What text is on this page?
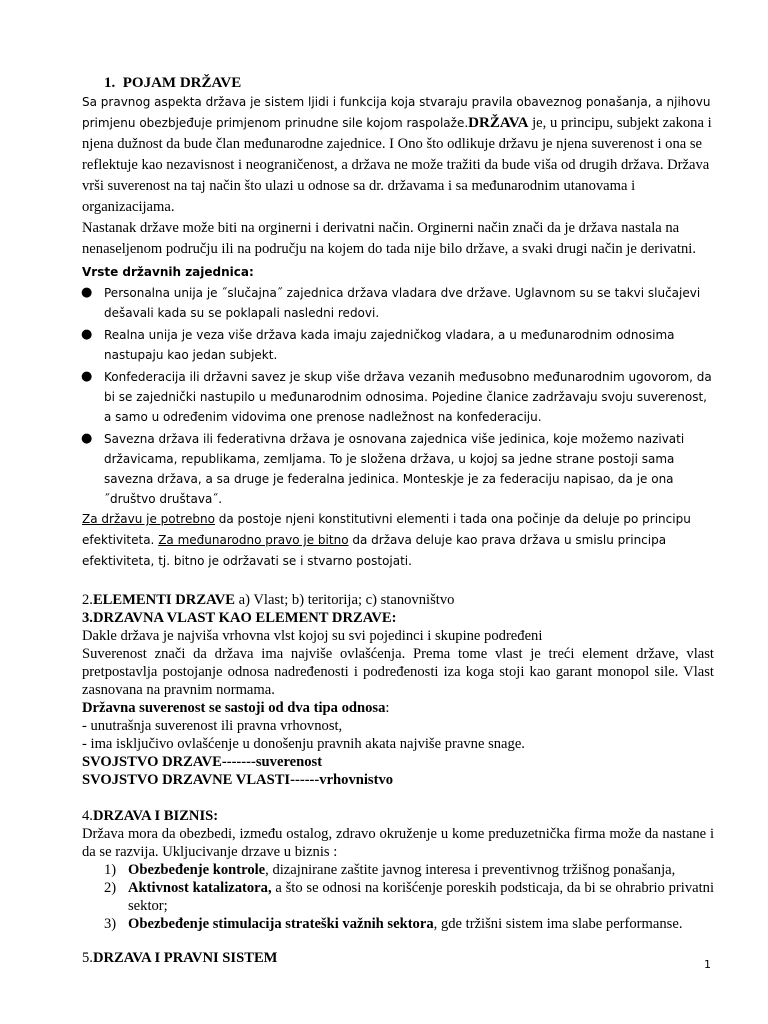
1. POJAM DRŽAVE

Sa pravnog aspekta država je sistem ljidi i funkcija koja stvaraju pravila obaveznog ponašanja, a njihovu primjenu obezbjeđuje primjenom prinudne sile kojom raspolaže.DRŽAVA je, u principu, subjekt zakona i njena dužnost da bude član međunarodne zajednice. I Ono što odlikuje državu je njena suverenost i ona se reflektuje kao nezavisnost i neograničenost, a država ne može tražiti da bude viša od drugih država. Država vrši suverenost na taj način što ulazi u odnose sa dr. državama i sa međunarodnim utanovama i organizacijama.

Nastanak države može biti na orginerni i derivatni način. Orginerni način znači da je država nastala na nenaseljenom području ili na području na kojem do tada nije bilo države, a svaki drugi način je derivatni.

Vrste državnih zajednica:

● Personalna unija je ˝slučajna˝ zajednica država vladara dve države. Uglavnom su se takvi slučajevi dešavali kada su se poklapali nasledni redovi.
● Realna unija je veza više država kada imaju zajedničkog vladara, a u međunarodnim odnosima nastupaju kao jedan subjekt.
● Konfederacija ili državni savez je skup više država vezanih međusobno međunarodnim ugovorom, da bi se zajednički nastupilo u međunarodnim odnosima. Pojedine članice zadržavaju svoju suverenost, a samo u određenim vidovima one prenose nadležnost na konfederaciju.
● Savezna država ili federativna država je osnovana zajednica više jedinica, koje možemo nazivati državicama, republikama, zemljama. To je složena država, u kojoj sa jedne strane postoji sama savezna država, a sa druge je federalna jedinica. Monteskje je za federaciju napisao, da je ona ˝društvo društava˝.

Za državu je potrebno da postoje njeni konstitutivni elementi i tada ona počinje da deluje po principu efektiviteta. Za međunarodno pravo je bitno da država deluje kao prava država u smislu principa efektiviteta, tj. bitno je održavati se i stvarno postojati.

2.ELEMENTI DRZAVE a) Vlast; b) teritorija; c) stanovništvo

3.DRZAVNA VLAST KAO ELEMENT DRZAVE:

Dakle država je najviša vrhovna vlst kojoj su svi pojedinci i skupine podređeni

Suverenost znači da država ima najviše ovlašćenja. Prema tome vlast je treći element države, vlast pretpostavlja postojanje odnosa nadređenosti i podređenosti iza koga stoji kao garant monopol sile. Vlast zasnovana na pravnim normama.

Državna suverenost se sastoji od dva tipa odnosa:

- unutrašnja suverenost ili pravna vrhovnost,

- ima isključivo ovlašćenje u donošenju pravnih akata najviše pravne snage.

SVOJSTVO DRZAVE-------suverenost

SVOJSTVO DRZAVNE VLASTI------vrhovnistvo

4.DRZAVA I BIZNIS:

Država mora da obezbedi, između ostalog, zdravo okruženje u kome preduzetnička firma može da nastane i da se razvija. Ukljucivanje drzave u biznis :

1) Obezbeđenje kontrole, dizajnirane zaštite javnog interesa i preventivnog tržišnog ponašanja,
2) Aktivnost katalizatora, a što se odnosi na korišćenje poreskih podsticaja, da bi se ohrabrio privatni sektor;
3) Obezbeđenje stimulacija strateški važnih sektora, gde tržišni sistem ima slabe performanse.

5.DRZAVA I PRAVNI SISTEM	1
